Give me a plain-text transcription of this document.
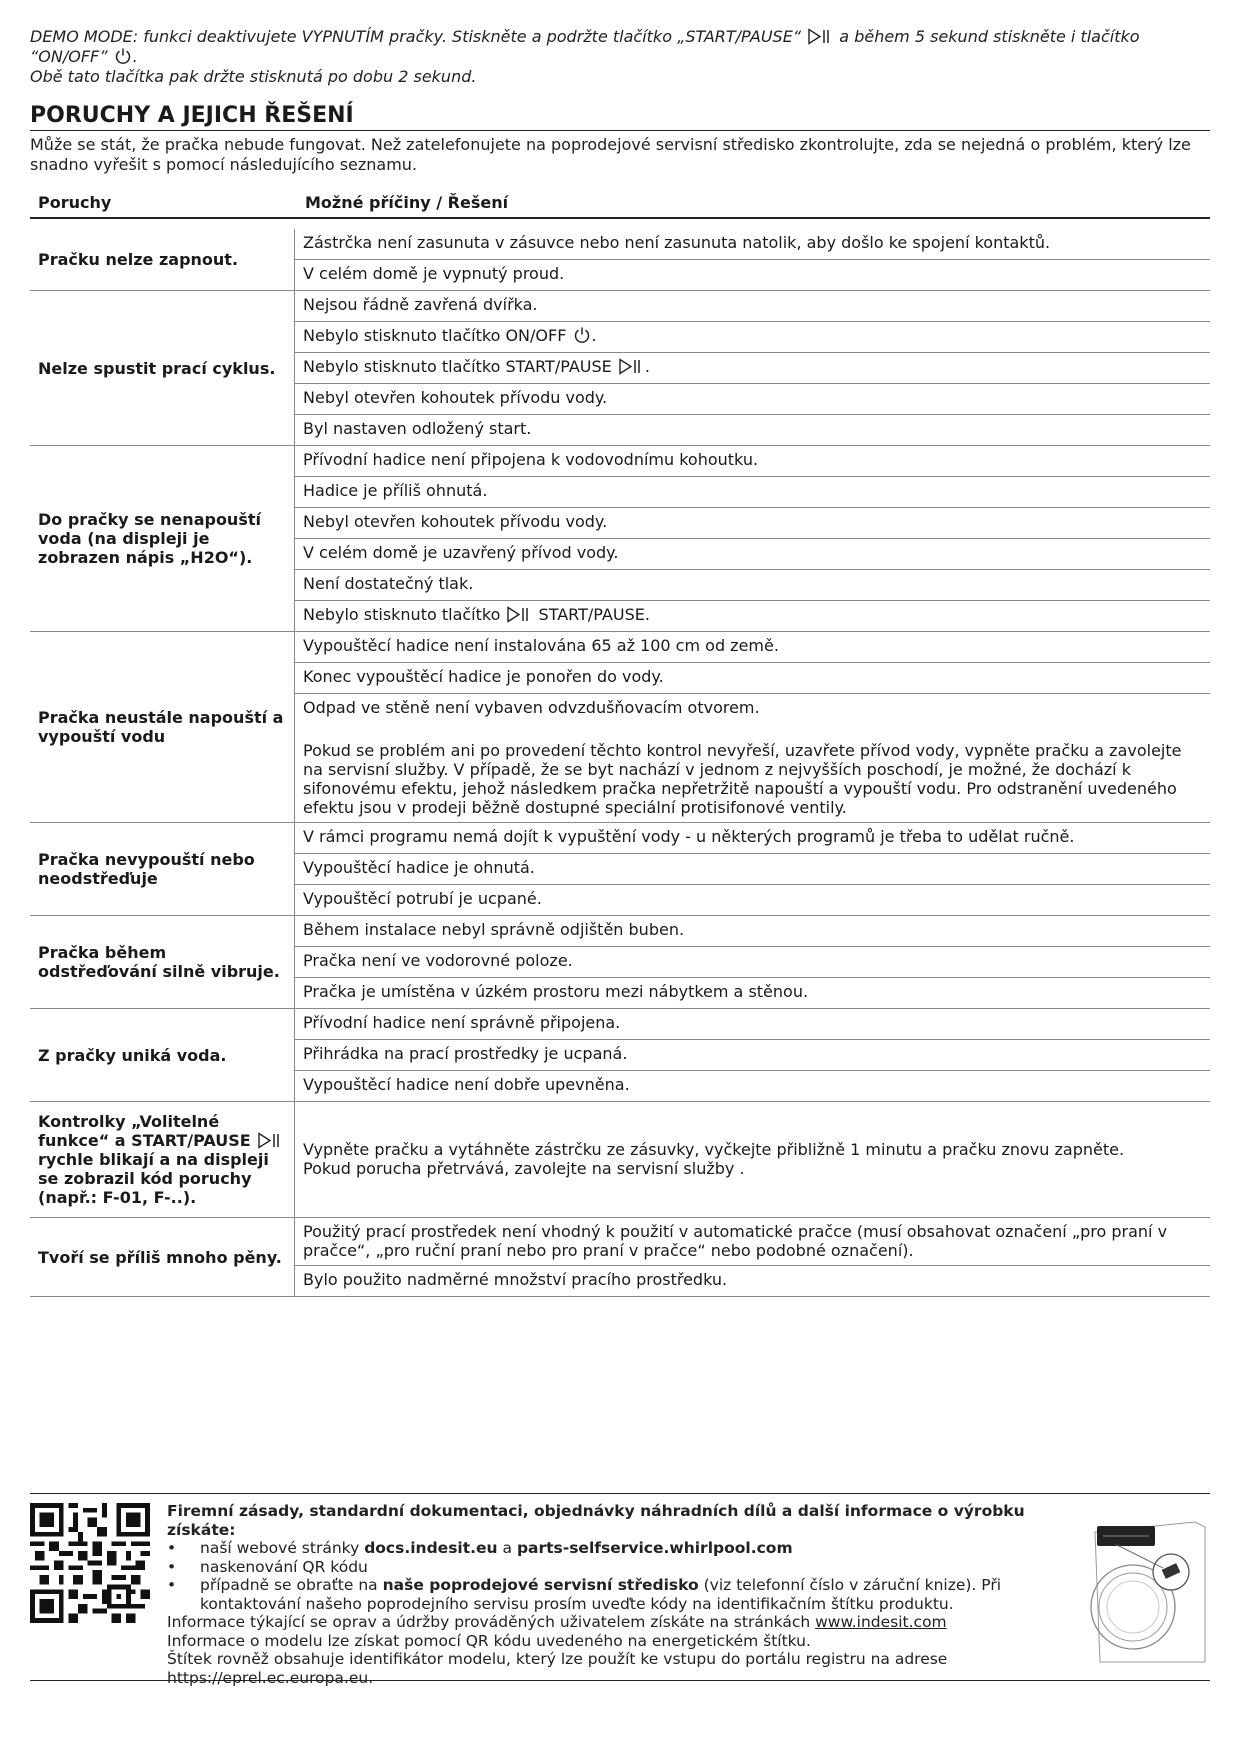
DEMO MODE: funkci deaktivujete VYPNUTÍM pračky. Stiskněte a podržte tlačítko „START/PAUSE“ a během 5 sekund stiskněte i tlačítko “ON/OFF” .
Obě tato tlačítka pak držte stisknutá po dobu 2 sekund.
PORUCHY A JEJICH ŘEŠENÍ
Může se stát, že pračka nebude fungovat. Než zatelefonujete na poprodejové servisní středisko zkontrolujte, zda se nejedná o problém, který lze snadno vyřešit s pomocí následujícího seznamu.
Poruchy	Možné příčiny / Řešení
Pračku nelze zapnout.
Zástrčka není zasunuta v zásuvce nebo není zasunuta natolik, aby došlo ke spojení kontaktů.
V celém domě je vypnutý proud.
Nelze spustit prací cyklus.
Nejsou řádně zavřená dvířka.
Nebylo stisknuto tlačítko ON/OFF .
Nebylo stisknuto tlačítko START/PAUSE .
Nebyl otevřen kohoutek přívodu vody.
Byl nastaven odložený start.
Do pračky se nenapouští voda (na displeji je zobrazen nápis „H2O“).
Přívodní hadice není připojena k vodovodnímu kohoutku.
Hadice je příliš ohnutá.
Nebyl otevřen kohoutek přívodu vody.
V celém domě je uzavřený přívod vody.
Není dostatečný tlak.
Nebylo stisknuto tlačítko  START/PAUSE.
Pračka neustále napouští a vypouští vodu
Vypouštěcí hadice není instalována 65 až 100 cm od země.
Konec vypouštěcí hadice je ponořen do vody.
Odpad ve stěně není vybaven odvzdušňovacím otvorem.
Pokud se problém ani po provedení těchto kontrol nevyřeší, uzavřete přívod vody, vypněte pračku a zavolejte na servisní služby. V případě, že se byt nachází v jednom z nejvyšších poschodí, je možné, že dochází k sifonovému efektu, jehož následkem pračka nepřetržitě napouští a vypouští vodu. Pro odstranění uvedeného efektu jsou v prodeji běžně dostupné speciální protisifonové ventily.
Pračka nevypouští nebo neodstřeďuje
V rámci programu nemá dojít k vypuštění vody - u některých programů je třeba to udělat ručně.
Vypouštěcí hadice je ohnutá.
Vypouštěcí potrubí je ucpané.
Pračka během odstřeďování silně vibruje.
Během instalace nebyl správně odjištěn buben.
Pračka není ve vodorovné poloze.
Pračka je umístěna v úzkém prostoru mezi nábytkem a stěnou.
Z pračky uniká voda.
Přívodní hadice není správně připojena.
Přihrádka na prací prostředky je ucpaná.
Vypouštěcí hadice není dobře upevněna.
Kontrolky „Volitelné funkce“ a START/PAUSE  rychle blikají a na displeji se zobrazil kód poruchy (např.: F-01, F-..).
Vypněte pračku a vytáhněte zástrčku ze zásuvky, vyčkejte přibližně 1 minutu a pračku znovu zapněte.
Pokud porucha přetrvává, zavolejte na servisní služby .
Tvoří se příliš mnoho pěny.
Použitý prací prostředek není vhodný k použití v automatické pračce (musí obsahovat označení „pro praní v pračce“, „pro ruční praní nebo pro praní v pračce“ nebo podobné označení).
Bylo použito nadměrné množství pracího prostředku.
Firemní zásady, standardní dokumentaci, objednávky náhradních dílů a další informace o výrobku získáte:
• naší webové stránky docs.indesit.eu a parts-selfservice.whirlpool.com
• naskenování QR kódu
• případně se obraťte na naše poprodejové servisní středisko (viz telefonní číslo v záruční knize). Při kontaktování našeho poprodejního servisu prosím uveďte kódy na identifikačním štítku produktu.
Informace týkající se oprav a údržby prováděných uživatelem získáte na stránkách www.indesit.com
Informace o modelu lze získat pomocí QR kódu uvedeného na energetickém štítku.
Štítek rovněž obsahuje identifikátor modelu, který lze použít ke vstupu do portálu registru na adrese https://eprel.ec.europa.eu.
